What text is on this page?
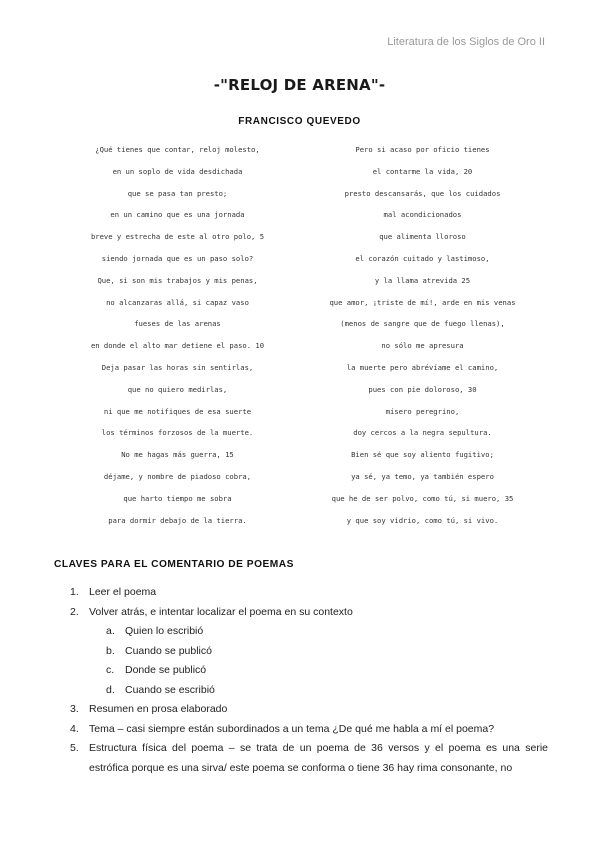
Literatura de los Siglos de Oro II
-"RELOJ DE ARENA"-
FRANCISCO QUEVEDO
¿Qué tienes que contar, reloj molesto,
en un soplo de vida desdichada
que se pasa tan presto;
en un camino que es una jornada
breve y estrecha de este al otro polo, 5
siendo jornada que es un paso solo?
Que, si son mis trabajos y mis penas,
no alcanzaras allá, si capaz vaso
fueses de las arenas
en donde el alto mar detiene el paso. 10
Deja pasar las horas sin sentirlas,
que no quiero medirlas,
ni que me notifiques de esa suerte
los términos forzosos de la muerte.
No me hagas más guerra, 15
déjame, y nombre de piadoso cobra,
que harto tiempo me sobra
para dormir debajo de la tierra.
Pero si acaso por oficio tienes
el contarme la vida, 20
presto descansarás, que los cuidados
mal acondicionados
que alimenta lloroso
el corazón cuitado y lastimoso,
y la llama atrevida 25
que amor, ¡triste de mí!, arde en mis venas
(menos de sangre que de fuego llenas),
no sólo me apresura
la muerte pero abrévíame el camino,
pues con pie doloroso, 30
mísero peregrino,
doy cercos a la negra sepultura.
Bien sé que soy aliento fugitivo;
ya sé, ya temo, ya también espero
que he de ser polvo, como tú, si muero, 35
y que soy vidrio, como tú, si vivo.
CLAVES PARA EL COMENTARIO DE POEMAS
1. Leer el poema
2. Volver atrás, e intentar localizar el poema en su contexto
a. Quien lo escribió
b. Cuando se publicó
c.	Donde se publicó
d. Cuando se escribió
3. Resumen en prosa elaborado
4. Tema – casi siempre están subordinados a un tema ¿De qué me habla a mí el poema?
5. Estructura física del poema – se trata de un poema de 36 versos y el poema es una serie
estrófica porque es una sirva/ este poema se conforma o tiene 36 hay rima consonante, no
